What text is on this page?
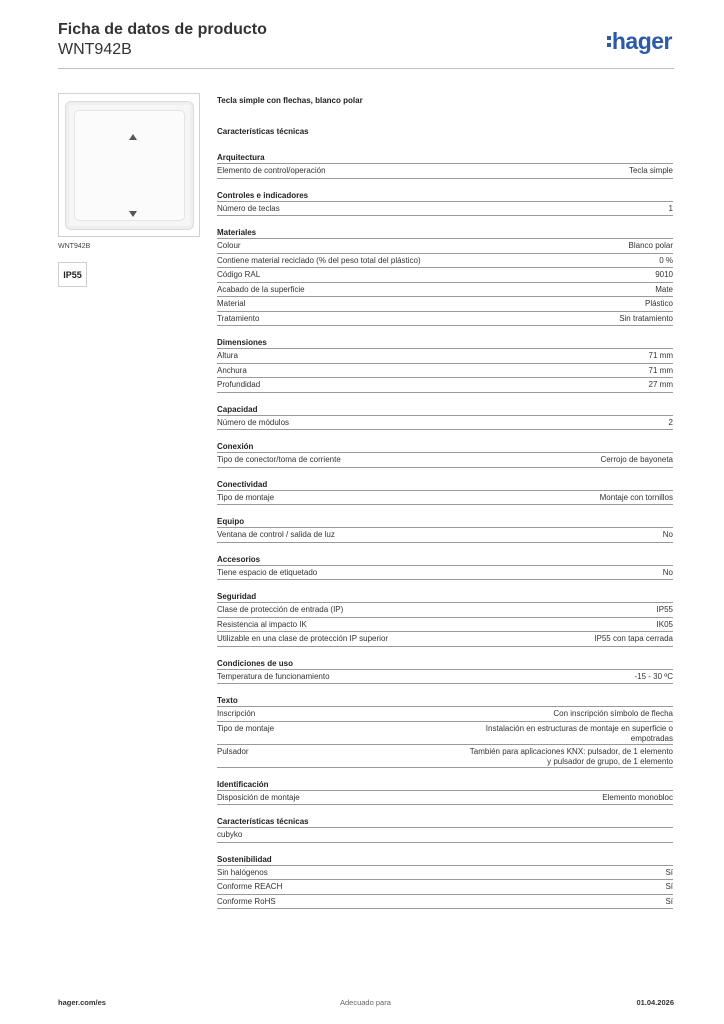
Ficha de datos de producto
WNT942B	hager
WNT942B
IP55
Tecla simple con flechas, blanco polar
Características técnicas
Arquitectura
Elemento de control/operación	Tecla simple
Controles e indicadores
Número de teclas	1
Materiales
Colour	Blanco polar
Contiene material reciclado (% del peso total del plástico)	0 %
Código RAL	9010
Acabado de la superficie	Mate
Material	Plástico
Tratamiento	Sin tratamiento
Dimensiones
Altura	71 mm
Anchura	71 mm
Profundidad	27 mm
Capacidad
Número de módulos	2
Conexión
Tipo de conector/toma de corriente	Cerrojo de bayoneta
Conectividad
Tipo de montaje	Montaje con tornillos
Equipo
Ventana de control / salida de luz	No
Accesorios
Tiene espacio de etiquetado	No
Seguridad
Clase de protección de entrada (IP)	IP55
Resistencia al impacto IK	IK05
Utilizable en una clase de protección IP superior	IP55 con tapa cerrada
Condiciones de uso
Temperatura de funcionamiento	-15 - 30 ºC
Texto
Inscripción	Con inscripción símbolo de flecha
Tipo de montaje	Instalación en estructuras de montaje en superficie o empotradas
Pulsador	También para aplicaciones KNX: pulsador, de 1 elemento y pulsador de grupo, de 1 elemento
Identificación
Disposición de montaje	Elemento monobloc
Características técnicas
cubyko
Sostenibilidad
Sin halógenos	Sí
Conforme REACH	Sí
Conforme RoHS	Sí
hager.com/es	Adecuado para	01.04.2026
